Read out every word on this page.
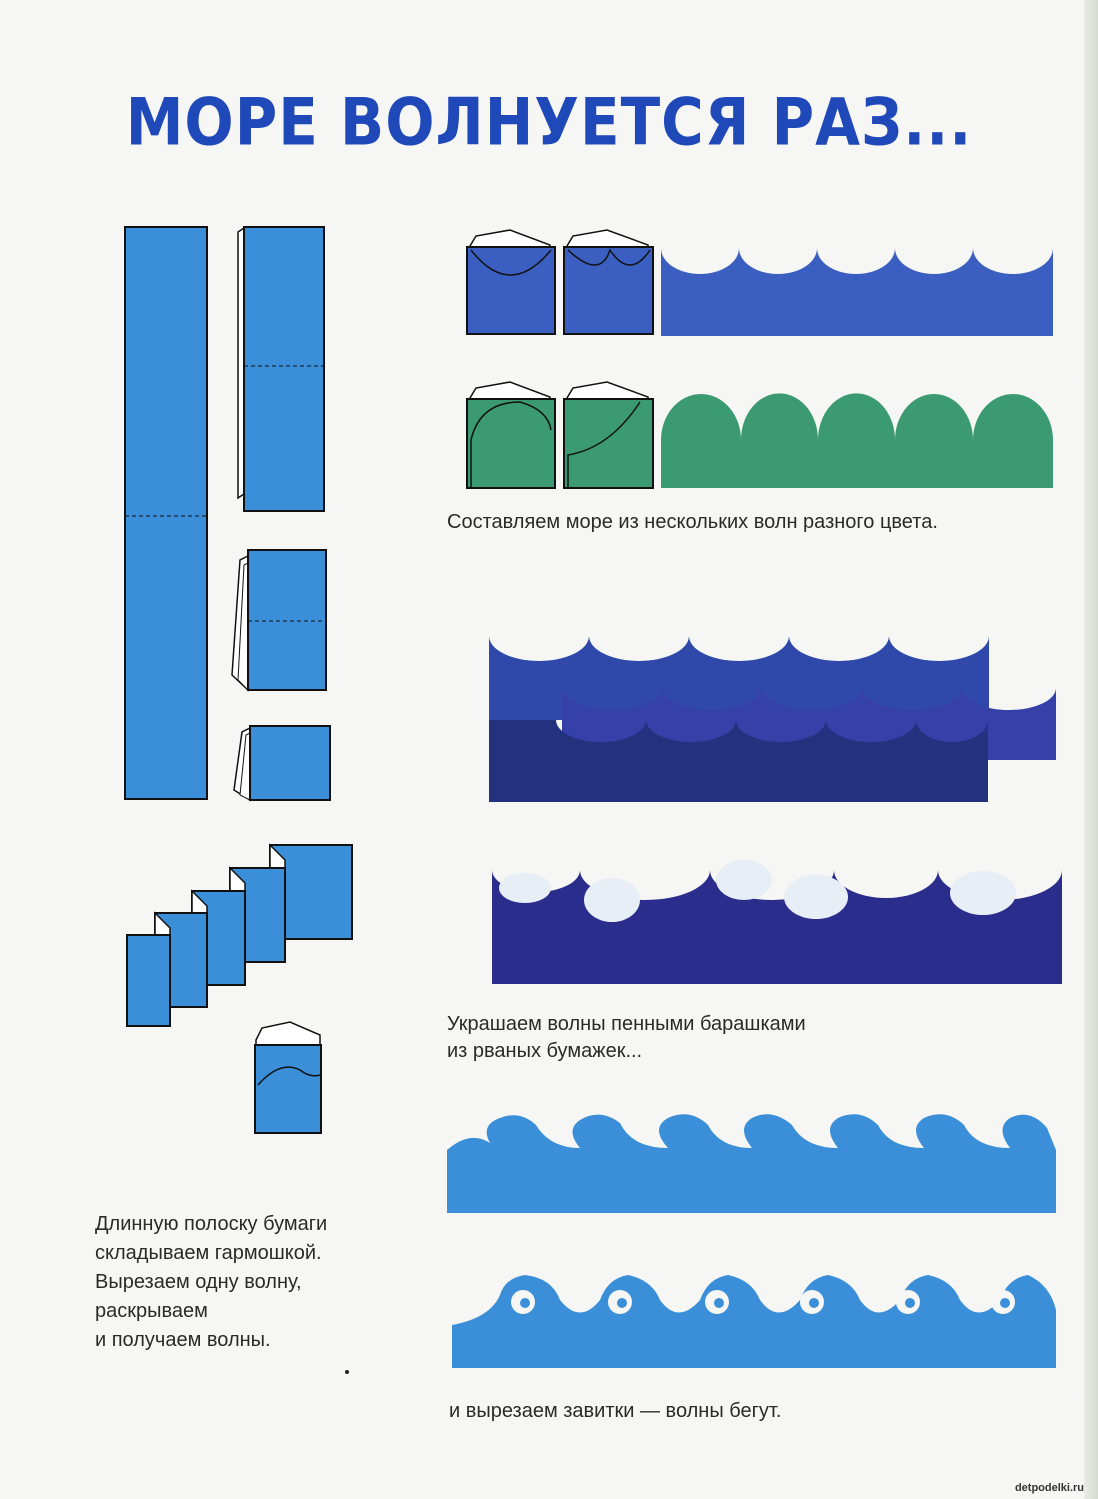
МОРЕ ВОЛНУЕТСЯ РАЗ...

Составляем море из нескольких волн разного цвета.

Украшаем волны пенными барашками
из рваных бумажек...

и вырезаем завитки — волны бегут.

Длинную полоску бумаги
складываем гармошкой.
Вырезаем одну волну,
раскрываем
и получаем волны.

detpodelki.ru
